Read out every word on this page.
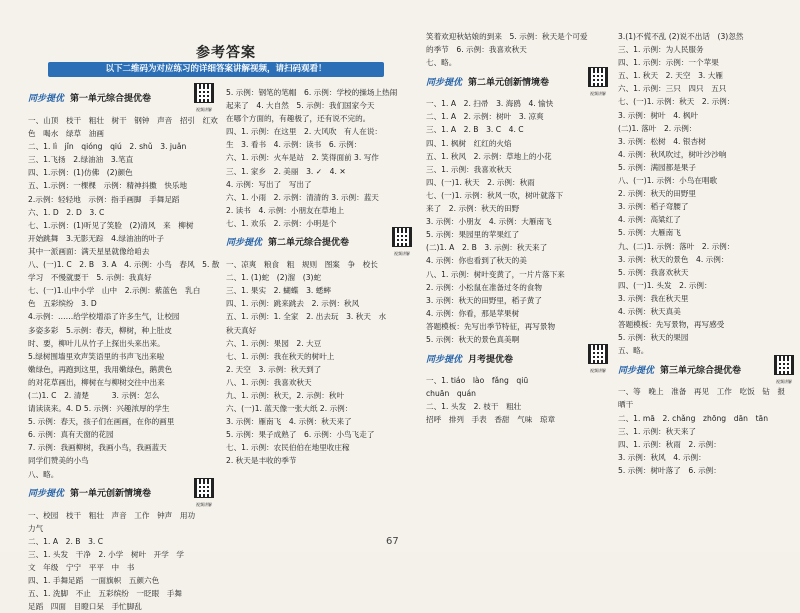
参考答案
以下二维码为对应练习的详细答案讲解视频，请扫码观看！
同步提优 第一单元综合提优卷
视频讲解
一、山顶　枝干　粗壮　树干　钢钟　声音　招引　红欢
色　喝水　绿草　油画
二、1. lì　jǐn　qióng　qiú　2. shǔ　3. juǎn
三、1.飞扬　2.绿油油　3.笔直
四、1.示例：(1)仿佛　(2)颜色
五、1.示例：一棵棵　示例：精神抖擞　快乐地
2.示例：轻轻地　示例：指手画脚　手舞足蹈
六、1. D　2. D　3. C
七、1.示例：(1)听见了笑脸　(2)清风　来　柳树
开始跳舞　3.无影无踪　4.绿油油的叶子
其中一派画面：满天星星就像给咱去
八、(一)1. C　2. B　3. A　4. 示例：小鸟　春风　5. 散
学习　不慢就要干　5. 示例：我真好
七、(一)1.山中小学　山中　2.示例：紫蓝色　乳白
色　五彩缤纷　3. D
4.示例：……给学校增添了许多生气，让校园
多姿多彩　5.示例：春天，柳树，种上肚皮
时、要，柳叶儿从竹子上探出头来出来。
5.绿树围墙里欢声笑语里的书声飞出来啦
嫩绿色，再跑到这里，我用嫩绿色，鹅黄色
的对花草画出，柳树在与柳树交往中出来
(二)1. C　2. 清楚　　　3. 示例：怎么
请读读来。4. D 5. 示例：兴趣浓厚的学生
5. 示例：春天，孩子们在画画，在你的画里
6. 示例：真有天窗的花园
7. 示例：我画柳树，我画小鸟，我画蓝天
同学们赞美的小鸟
八、略。
同步提优 第一单元创新情境卷
视频讲解
一、校园　枝干　粗壮　声音　工作　钟声　用功
力气
二、1. A　2. B　3. C
三、1. 头发　干净　2. 小学　树叶　开学　学
文　年级　宁宁　平平　中　书
四、1. 手舞足蹈　一面旗帜　五颜六色
五、1. 洗脚　不止　五彩缤纷　一眨眼　手舞
足蹈　四面　目瞪口呆　手忙脚乱
5. 示例：钢笔的笔帽　6. 示例：学校的操场上热闹
起来了　4. 大自然　5. 示例：我们国家今天
在哪个方面的，有趣极了，还有说不完的。
四、1. 示例：在这里　2. 大风吹　有人在说：
生　3. 看书　4. 示例：读书　6. 示例：
六、1. 示例：火车是站　2. 笑得面前 3. 写作
三、1. 家乡　2. 美丽　3. ✓　4. ✕
4. 示例：写出了　写出了
六、1. 小雨　2. 示例：清清的 3. 示例：蓝天
2. 读书　4. 示例：小朋友在草地上
七、1. 欢乐　2. 示例：小明是个
同步提优 第二单元综合提优卷
视频讲解
一、凉爽　粮食　粗　规则　图案　争　校长
二、1. (1)蛇　(2)溜　(3)蛇
三、1. 果实　2. 蝴蝶　3. 蟋蟀
四、1. 示例：跳来跳去　2. 示例：秋风
五、1. 示例：1. 全家　2. 出去玩　3. 秋天　水
秋天真好
六、1. 示例：果园　2. 大豆
七、1. 示例：我在秋天的树叶上
2. 天空　3. 示例：秋天到了
八、1. 示例：我喜欢秋天
九、1. 示例：秋天，2. 示例：秋叶
六、(一)1. 蓝天像一张大纸 2. 示例：
3. 示例：雁南飞　4. 示例：秋天来了
5. 示例：果子成熟了　6. 示例：小鸟飞走了
七、1. 示例：农民伯伯在地里收庄稼
2. 秋天是丰收的季节
笑着欢迎秋姑娘的到来　5. 示例：秋天是个可爱
的季节　6. 示例：我喜欢秋天
七、略。
同步提优 第二单元创新情境卷
视频讲解
一、1. A　2. 扫帚　3. 海鸥　4. 愉快
二、1. A　2. 示例：树叶　3. 凉爽
三、1. A　2. B　3. C　4. C
四、1. 枫树　红红的火焰
五、1. 秋风　2. 示例：草地上的小花
三、1. 示例：我喜欢秋天
四、(一)1. 秋天　2. 示例：秋雨
七、(一)1. 示例：秋风一吹，树叶就落下
来了　2. 示例：秋天的田野
3. 示例：小朋友　4. 示例：大雁南飞
5. 示例：果园里的苹果红了
(二)1. A　2. B　3. 示例：秋天来了
4. 示例：你也看到了秋天的美
八、1. 示例：树叶变黄了，一片片落下来
2. 示例：小松鼠在准备过冬的食物
3. 示例：秋天的田野里，稻子黄了
4. 示例：你看，那是苹果树
答题模板：先写出季节特征，再写景物
5. 示例：秋天的景色真美啊
同步提优 月考提优卷
视频讲解
一、1. tiáo　lào　fǎng　qiū
chuān　quán
二、1. 头发　2. 枝干　粗壮
招呼　排列　手表　香甜　气味　琼章
3.(1)不慌不乱 (2)说不出话　(3)忽然
三、1. 示例：为人民服务
四、1. 示例：示例：一个苹果
五、1. 秋天　2. 天空　3. 大雁
六、1. 示例：三只　四只　五只
七、(一)1. 示例：秋天　2. 示例：
3. 示例：树叶　4. 枫叶
(二)1. 落叶　2. 示例：
3. 示例：松树　4. 银杏树
4. 示例：秋风吹过，树叶沙沙响
5. 示例：满园都是果子
八、(一)1. 示例：小鸟在唱歌
2. 示例：秋天的田野里
3. 示例：稻子弯腰了
4. 示例：高粱红了
5. 示例：大雁南飞
九、(二)1. 示例：落叶　2. 示例：
3. 示例：秋天的景色　4. 示例：
5. 示例：我喜欢秋天
四、(一)1. 头发　2. 示例：
3. 示例：我在秋天里
4. 示例：秋天真美
答题模板：先写景物，再写感受
5. 示例：秋天的果园
五、略。
同步提优 第三单元综合提优卷
视频讲解
一、等　晚上　准备　再见　工作　吃饭　钻　报
晒干
二、1. mā　2. chǎng　zhōng　dān　tān
三、1. 示例：秋天来了
四、1. 示例：秋雨　2. 示例：
3. 示例：秋风　4. 示例：
5. 示例：树叶落了　6. 示例：
67
